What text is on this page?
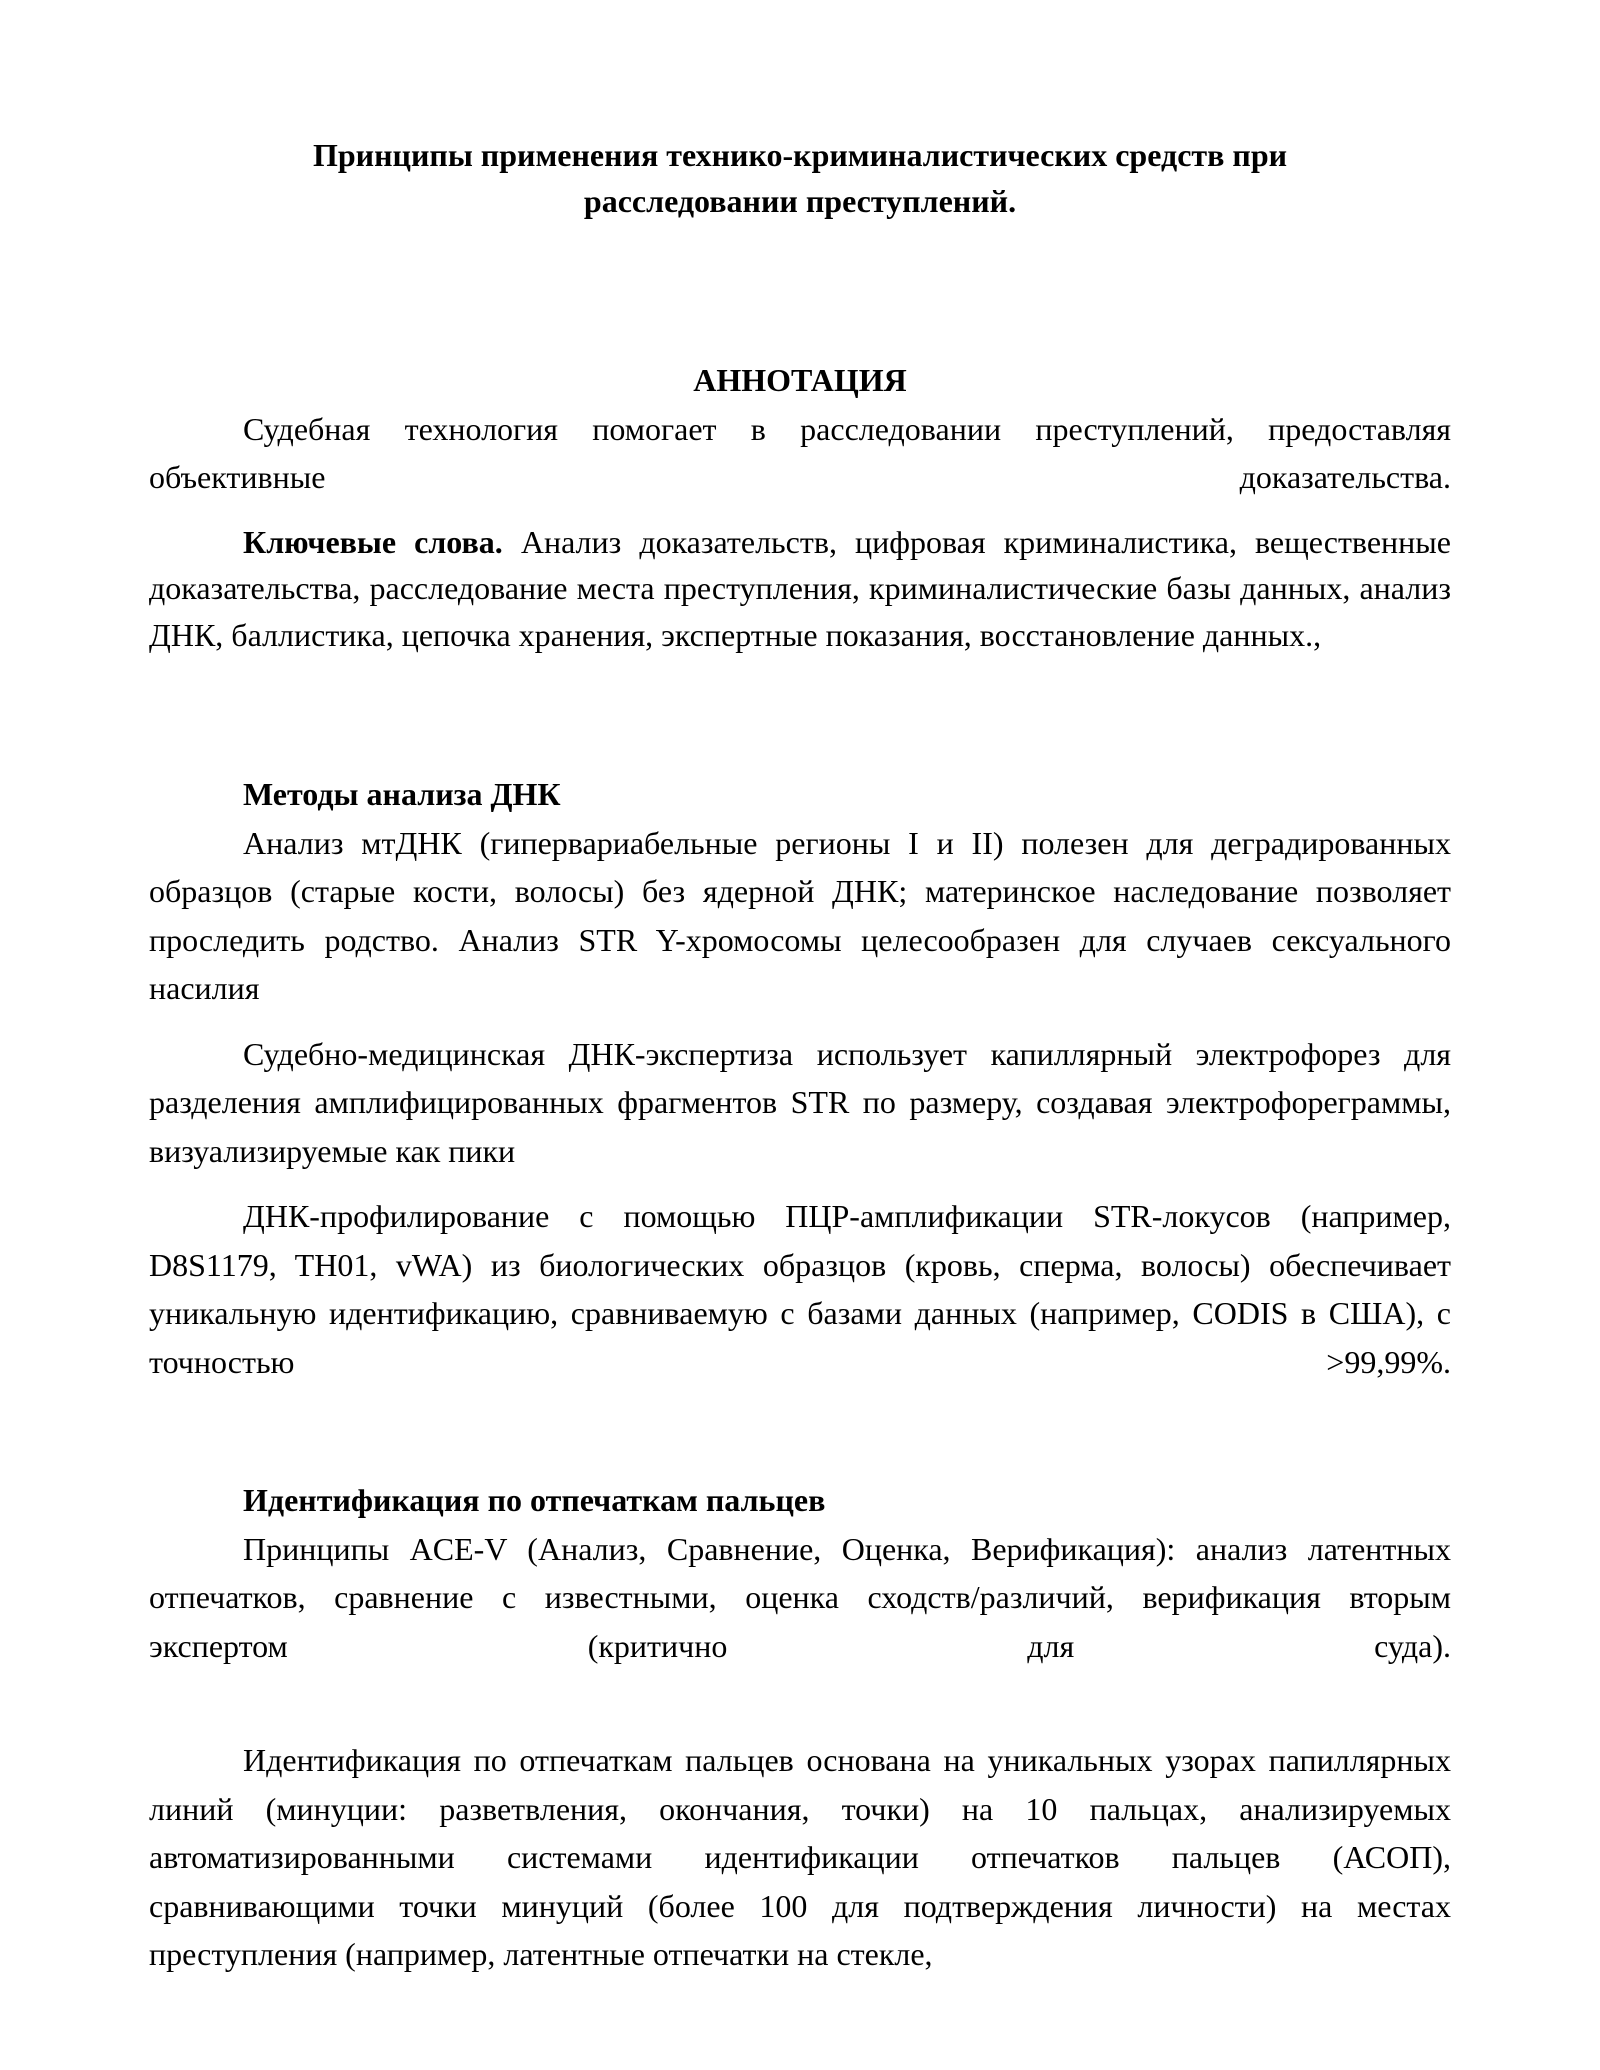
Принципы применения технико-криминалистических средств при расследовании преступлений.
АННОТАЦИЯ

Судебная технология помогает в расследовании преступлений, предоставляя объективные доказательства.

Ключевые слова. Анализ доказательств, цифровая криминалистика, вещественные доказательства, расследование места преступления, криминалистические базы данных, анализ ДНК, баллистика, цепочка хранения, экспертные показания, восстановление данных.,

Методы анализа ДНК

Анализ мтДНК (гипервариабельные регионы I и II) полезен для деградированных образцов (старые кости, волосы) без ядерной ДНК; материнское наследование позволяет проследить родство. Анализ STR Y-хромосомы целесообразен для случаев сексуального насилия

Судебно-медицинская ДНК-экспертиза использует капиллярный электрофорез для разделения амплифицированных фрагментов STR по размеру, создавая электрофореграммы, визуализируемые как пики

ДНК-профилирование с помощью ПЦР-амплификации STR-локусов (например, D8S1179, TH01, vWA) из биологических образцов (кровь, сперма, волосы) обеспечивает уникальную идентификацию, сравниваемую с базами данных (например, CODIS в США), с точностью >99,99%.

Идентификация по отпечаткам пальцев

Принципы ACE-V (Анализ, Сравнение, Оценка, Верификация): анализ латентных отпечатков, сравнение с известными, оценка сходств/различий, верификация вторым экспертом (критично для суда).

Идентификация по отпечаткам пальцев основана на уникальных узорах папиллярных линий (минуции: разветвления, окончания, точки) на 10 пальцах, анализируемых автоматизированными системами идентификации отпечатков пальцев (АСОП), сравнивающими точки минуций (более 100 для подтверждения личности) на местах преступления (например, латентные отпечатки на стекле,
